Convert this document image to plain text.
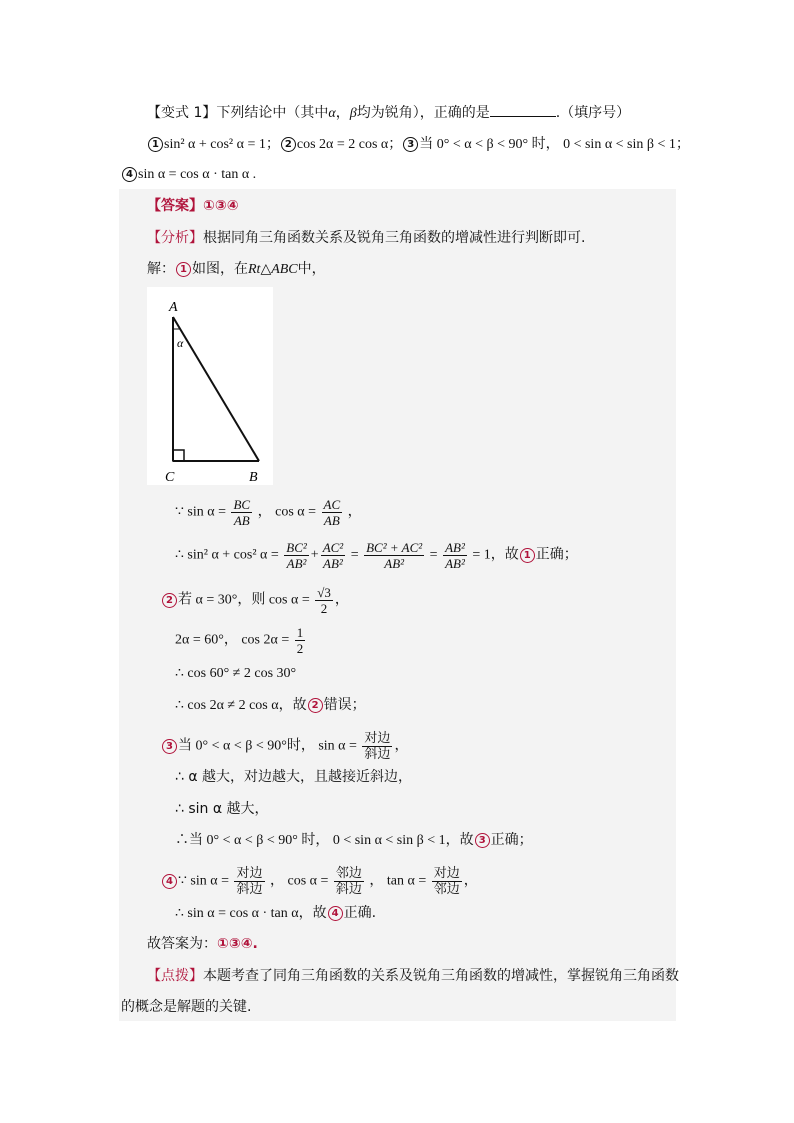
【变式 1】下列结论中（其中α，β均为锐角），正确的是	.（填序号）
1 sin² α + cos² α = 1； 2 cos 2α = 2 cos α； 3 当 0° < α < β < 90° 时， 0 < sin α < sin β < 1；
4 sin α = cos α · tan α .
【答案】①③④
【分析】根据同角三角函数关系及锐角三角函数的增减性进行判断即可.
解： 1 如图，在Rt△ABC中，
A
α
C	B
∵ $\sin \alpha = \frac{BC}{AB}$ ， $\cos \alpha = \frac{AC}{AB}$ ，
∴ sin² α + cos² $\alpha = \frac{\text{BC²}}{\text{AB²}} + \frac{\text{AC²}}{\text{AB²}} = \frac{\text{BC² + AC²}}{\text{AB²}} = \frac{\text{AB²}}{\text{AB²}} = 1$，故 1 正确；
2 若 α = 30°，则 $\cos \alpha = \frac{√3}{2}$ ，
2α = 60°， $\cos 2\alpha = \frac{1}{2}$
∴ cos 60° ≠ 2 cos 30°
∴ cos 2α ≠ 2 cos α，故 2 错误；
3 当 0° < α < β < 90°时， $\sin \alpha = \frac{\text{对边}}{\text{斜边}}$ ，
∴ α 越大，对边越大，且越接近斜边，
∴ sin α 越大，
∴当 0° < α < β < 90° 时， 0 < sin α < sin β < 1，故 3 正确；
4 ∵ $\sin \alpha = \frac{\text{对边}}{\text{斜边}}$ ， $\cos \alpha = \frac{\text{邻边}}{\text{斜边}}$ ， $\tan \alpha = \frac{\text{对边}}{\text{邻边}}$ ，
∴ sin α = cos α · tan α，故 4 正确.
故答案为：①③④.
【点拨】本题考查了同角三角函数的关系及锐角三角函数的增减性，掌握锐角三角函数
的概念是解题的关键.
